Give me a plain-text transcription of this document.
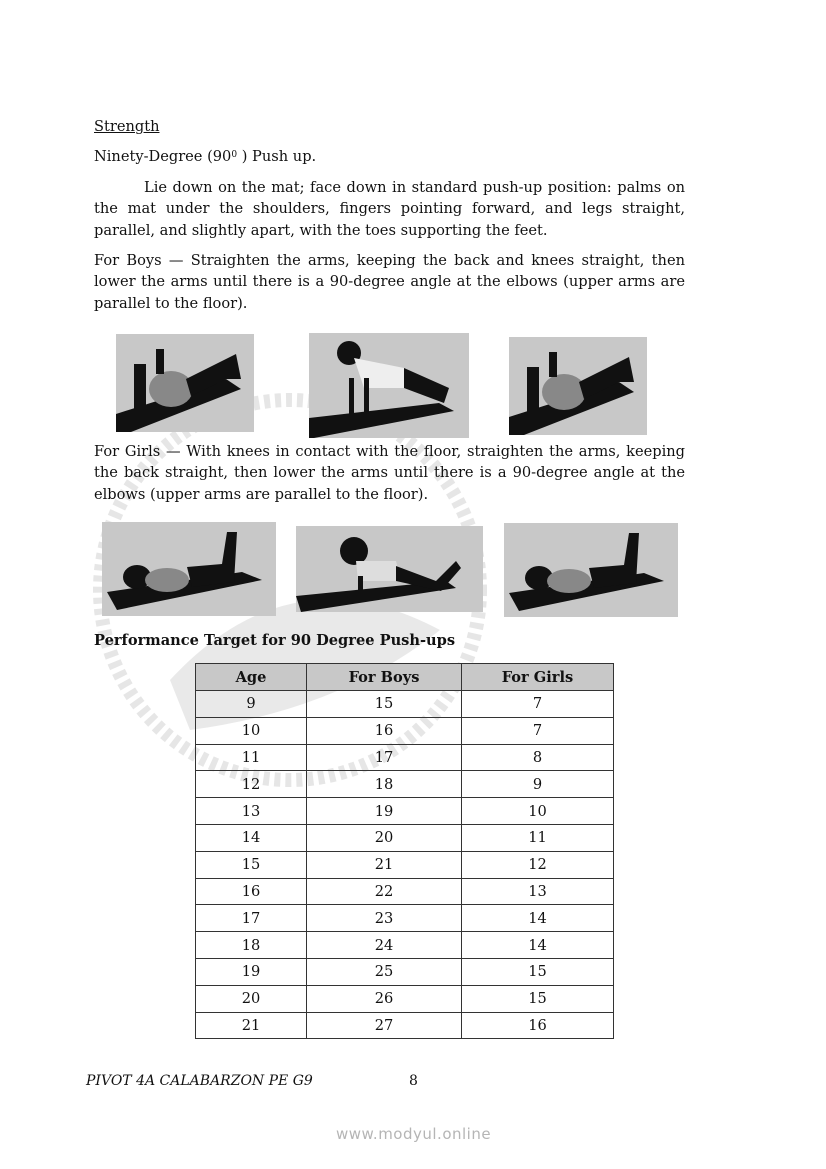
Strength
Ninety-Degree ($90^0$ ) Push up.

Lie down on the mat; face down in standard push-up position: palms on the mat under the shoulders, fingers pointing forward, and legs straight, parallel, and slightly apart, with the toes supporting the feet.

For Boys — Straighten the arms, keeping the back and knees straight, then lower the arms until there is a 90-degree angle at the elbows (upper arms are parallel to the floor).

For Girls — With knees in contact with the floor, straighten the arms, keeping the back straight, then lower the arms until there is a 90-degree angle at the elbows (upper arms are parallel to the floor).

Performance Target for 90 Degree Push-ups
Age	For Boys	For Girls
9	15	7
10	16	7
11	17	8
12	18	9
13	19	10
14	20	11
15	21	12
16	22	13
17	23	14
18	24	14
19	25	15
20	26	15
21	27	16
PIVOT 4A CALABARZON PE G9	8
www.modyul.online
